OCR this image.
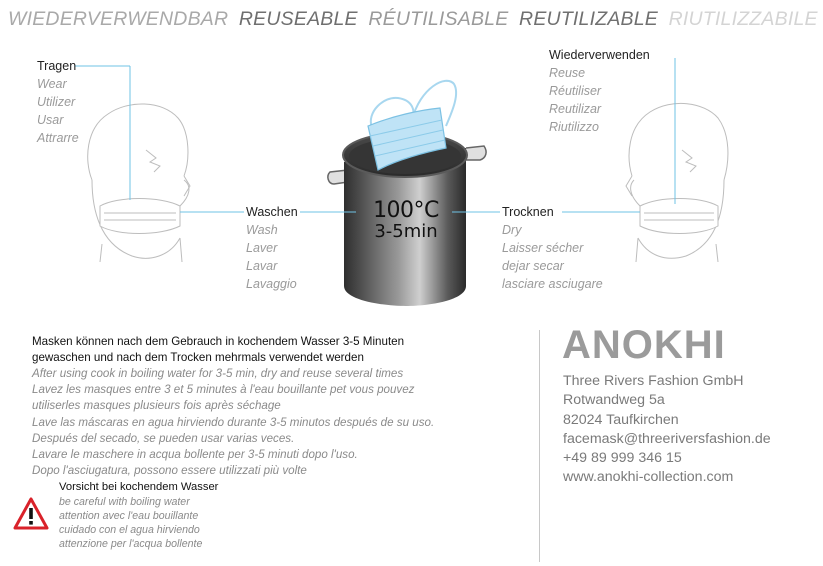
WIEDERVERWENDBAR REUSEABLE RÉUTILISABLE REUTILIZABLE RIUTILIZZABILE
100°C
3-5min
Tragen
Wear
Utilizer
Usar
Attrarre
Waschen
Wash
Laver
Lavar
Lavaggio
Trocknen
Dry
Laisser sécher
dejar secar
lasciare asciugare
Wiederverwenden
Reuse
Réutiliser
Reutilizar
Riutilizzo
Masken können nach dem Gebrauch in kochendem Wasser 3-5 Minuten
gewaschen und nach dem Trocken mehrmals verwendet werden
After using cook in boiling water for 3-5 min, dry and reuse several times
Lavez les masques entre 3 et 5 minutes à l'eau bouillante pet vous pouvez
utiliserles masques plusieurs fois après séchage
Lave las máscaras en agua hirviendo durante 3-5 minutos después de su uso.
Después del secado, se pueden usar varias veces.
Lavare le maschere in acqua bollente per 3-5 minuti dopo l'uso.
Dopo l'asciugatura, possono essere utilizzati più volte
Vorsicht bei kochendem Wasser
be careful with boiling water
attention avec l'eau bouillante
cuidado con el agua hirviendo
attenzione per l'acqua bollente
ANOKHI
Three Rivers Fashion GmbH
Rotwandweg 5a
82024 Taufkirchen
facemask@threeriversfashion.de
+49 89 999 346 15
www.anokhi-collection.com
